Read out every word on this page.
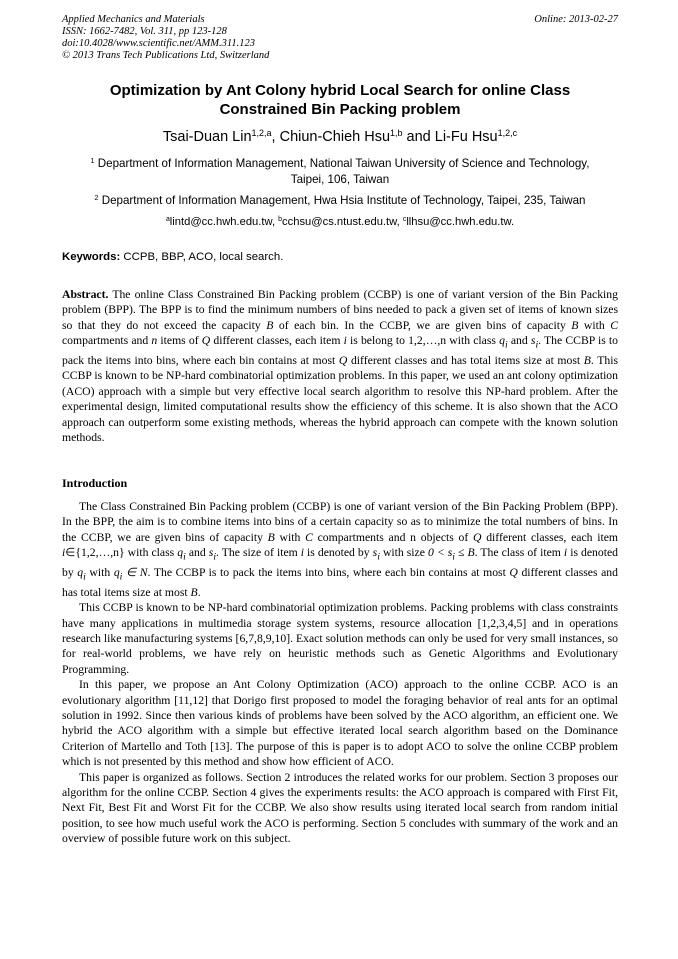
Applied Mechanics and Materials
ISSN: 1662-7482, Vol. 311, pp 123-128
doi:10.4028/www.scientific.net/AMM.311.123
© 2013 Trans Tech Publications Ltd, Switzerland
Online: 2013-02-27
Optimization by Ant Colony hybrid Local Search for online Class
Constrained Bin Packing problem
Tsai-Duan Lin$^{1,2,a}$, Chiun-Chieh Hsu$^{1,b}$ and Li-Fu Hsu$^{1,2,c}$
$^1$ Department of Information Management, National Taiwan University of Science and Technology,
Taipei, 106, Taiwan
$^2$ Department of Information Management, Hwa Hsia Institute of Technology, Taipei, 235, Taiwan
$^a$lintd@cc.hwh.edu.tw, $^b$cchsu@cs.ntust.edu.tw, $^c$llhsu@cc.hwh.edu.tw.
Keywords: CCPB, BBP, ACO, local search.

Abstract. The online Class Constrained Bin Packing problem (CCBP) is one of variant version of the Bin Packing problem (BPP). The BPP is to find the minimum numbers of bins needed to pack a given set of items of known sizes so that they do not exceed the capacity B of each bin. In the CCBP, we are given bins of capacity B with C compartments and n items of Q different classes, each item i is belong to 1,2,…,n with class $q_i$ and $s_i$. The CCBP is to pack the items into bins, where each bin contains at most Q different classes and has total items size at most B. This CCBP is known to be NP-hard combinatorial optimization problems. In this paper, we used an ant colony optimization (ACO) approach with a simple but very effective local search algorithm to resolve this NP-hard problem. After the experimental design, limited computational results show the efficiency of this scheme. It is also shown that the ACO approach can outperform some existing methods, whereas the hybrid approach can compete with the known solution methods.

Introduction

The Class Constrained Bin Packing problem (CCBP) is one of variant version of the Bin Packing Problem (BPP). In the BPP, the aim is to combine items into bins of a certain capacity so as to minimize the total numbers of bins. In the CCBP, we are given bins of capacity B with C compartments and n objects of Q different classes, each item i∈{1,2,…,n} with class $q_i$ and $s_i$. The size of item i is denoted by $s_i$ with size $0 < s_i \le B$. The class of item i is denoted by $q_i$ with $q_i$ ∈ N. The CCBP is to pack the items into bins, where each bin contains at most Q different classes and has total items size at most B.

This CCBP is known to be NP-hard combinatorial optimization problems. Packing problems with class constraints have many applications in multimedia storage system systems, resource allocation [1,2,3,4,5] and in operations research like manufacturing systems [6,7,8,9,10]. Exact solution methods can only be used for very small instances, so for real-world problems, we have rely on heuristic methods such as Genetic Algorithms and Evolutionary Programming.

In this paper, we propose an Ant Colony Optimization (ACO) approach to the online CCBP. ACO is an evolutionary algorithm [11,12] that Dorigo first proposed to model the foraging behavior of real ants for an optimal solution in 1992. Since then various kinds of problems have been solved by the ACO algorithm, an efficient one. We hybrid the ACO algorithm with a simple but effective iterated local search algorithm based on the Dominance Criterion of Martello and Toth [13]. The purpose of this is paper is to adopt ACO to solve the online CCBP problem which is not presented by this method and show how efficient of ACO.

This paper is organized as follows. Section 2 introduces the related works for our problem. Section 3 proposes our algorithm for the online CCBP. Section 4 gives the experiments results: the ACO approach is compared with First Fit, Next Fit, Best Fit and Worst Fit for the CCBP. We also show results using iterated local search from random initial position, to see how much useful work the ACO is performing. Section 5 concludes with summary of the work and an overview of possible future work on this subject.
